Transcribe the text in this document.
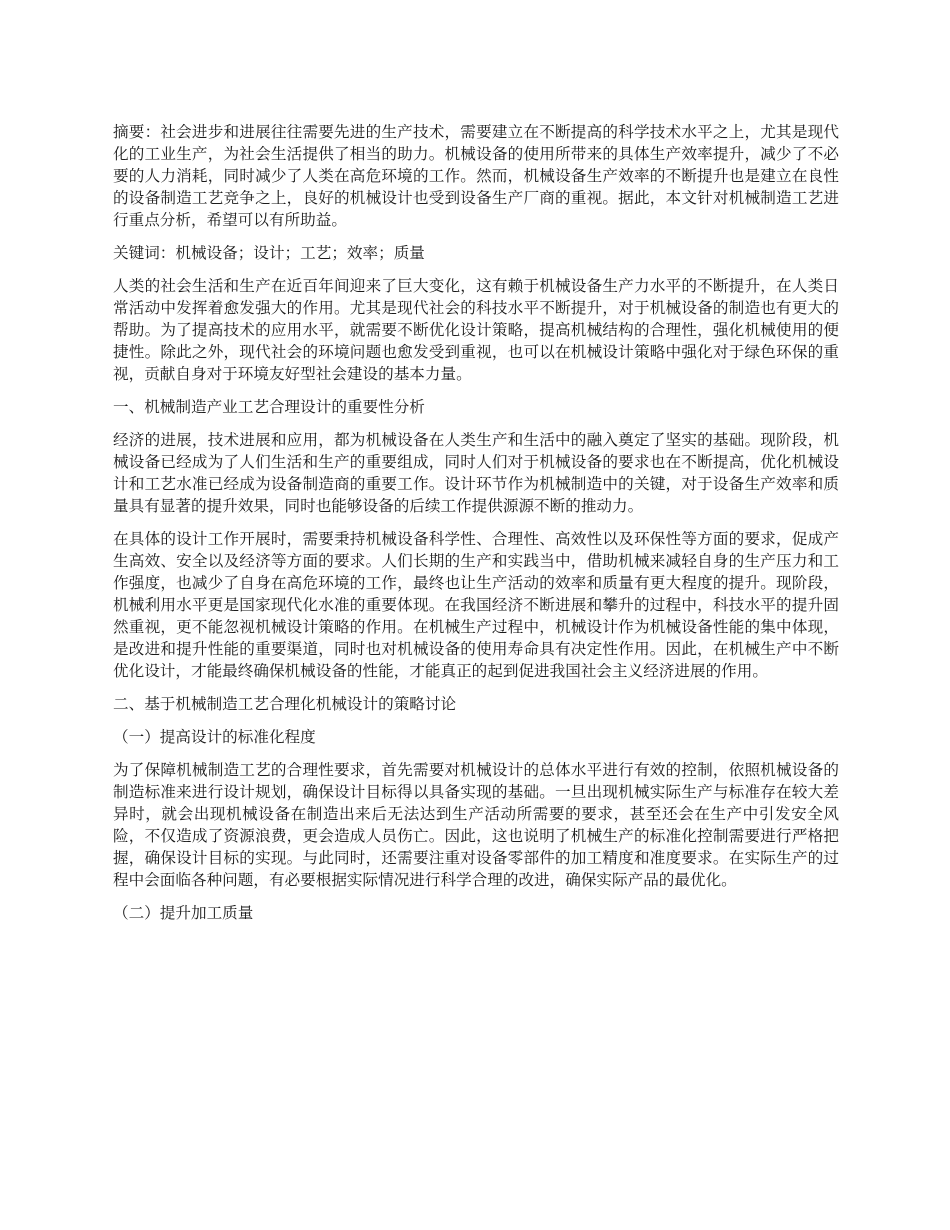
摘要：社会进步和进展往往需要先进的生产技术，需要建立在不断提高的科学技术水平之上，尤其是现代化的工业生产，为社会生活提供了相当的助力。机械设备的使用所带来的具体生产效率提升，减少了不必要的人力消耗，同时减少了人类在高危环境的工作。然而，机械设备生产效率的不断提升也是建立在良性的设备制造工艺竞争之上，良好的机械设计也受到设备生产厂商的重视。据此，本文针对机械制造工艺进行重点分析，希望可以有所助益。

关键词：机械设备；设计；工艺；效率；质量

人类的社会生活和生产在近百年间迎来了巨大变化，这有赖于机械设备生产力水平的不断提升，在人类日常活动中发挥着愈发强大的作用。尤其是现代社会的科技水平不断提升，对于机械设备的制造也有更大的帮助。为了提高技术的应用水平，就需要不断优化设计策略，提高机械结构的合理性，强化机械使用的便捷性。除此之外，现代社会的环境问题也愈发受到重视，也可以在机械设计策略中强化对于绿色环保的重视，贡献自身对于环境友好型社会建设的基本力量。

一、机械制造产业工艺合理设计的重要性分析

经济的进展，技术进展和应用，都为机械设备在人类生产和生活中的融入奠定了坚实的基础。现阶段，机械设备已经成为了人们生活和生产的重要组成，同时人们对于机械设备的要求也在不断提高，优化机械设计和工艺水准已经成为设备制造商的重要工作。设计环节作为机械制造中的关键，对于设备生产效率和质量具有显著的提升效果，同时也能够设备的后续工作提供源源不断的推动力。

在具体的设计工作开展时，需要秉持机械设备科学性、合理性、高效性以及环保性等方面的要求，促成产生高效、安全以及经济等方面的要求。人们长期的生产和实践当中，借助机械来减轻自身的生产压力和工作强度，也减少了自身在高危环境的工作，最终也让生产活动的效率和质量有更大程度的提升。现阶段，机械利用水平更是国家现代化水准的重要体现。在我国经济不断进展和攀升的过程中，科技水平的提升固然重视，更不能忽视机械设计策略的作用。在机械生产过程中，机械设计作为机械设备性能的集中体现，是改进和提升性能的重要渠道，同时也对机械设备的使用寿命具有决定性作用。因此，在机械生产中不断优化设计，才能最终确保机械设备的性能，才能真正的起到促进我国社会主义经济进展的作用。

二、基于机械制造工艺合理化机械设计的策略讨论

（一）提高设计的标准化程度

为了保障机械制造工艺的合理性要求，首先需要对机械设计的总体水平进行有效的控制，依照机械设备的制造标准来进行设计规划，确保设计目标得以具备实现的基础。一旦出现机械实际生产与标准存在较大差异时，就会出现机械设备在制造出来后无法达到生产活动所需要的要求，甚至还会在生产中引发安全风险，不仅造成了资源浪费，更会造成人员伤亡。因此，这也说明了机械生产的标准化控制需要进行严格把握，确保设计目标的实现。与此同时，还需要注重对设备零部件的加工精度和准度要求。在实际生产的过程中会面临各种问题，有必要根据实际情况进行科学合理的改进，确保实际产品的最优化。

（二）提升加工质量
